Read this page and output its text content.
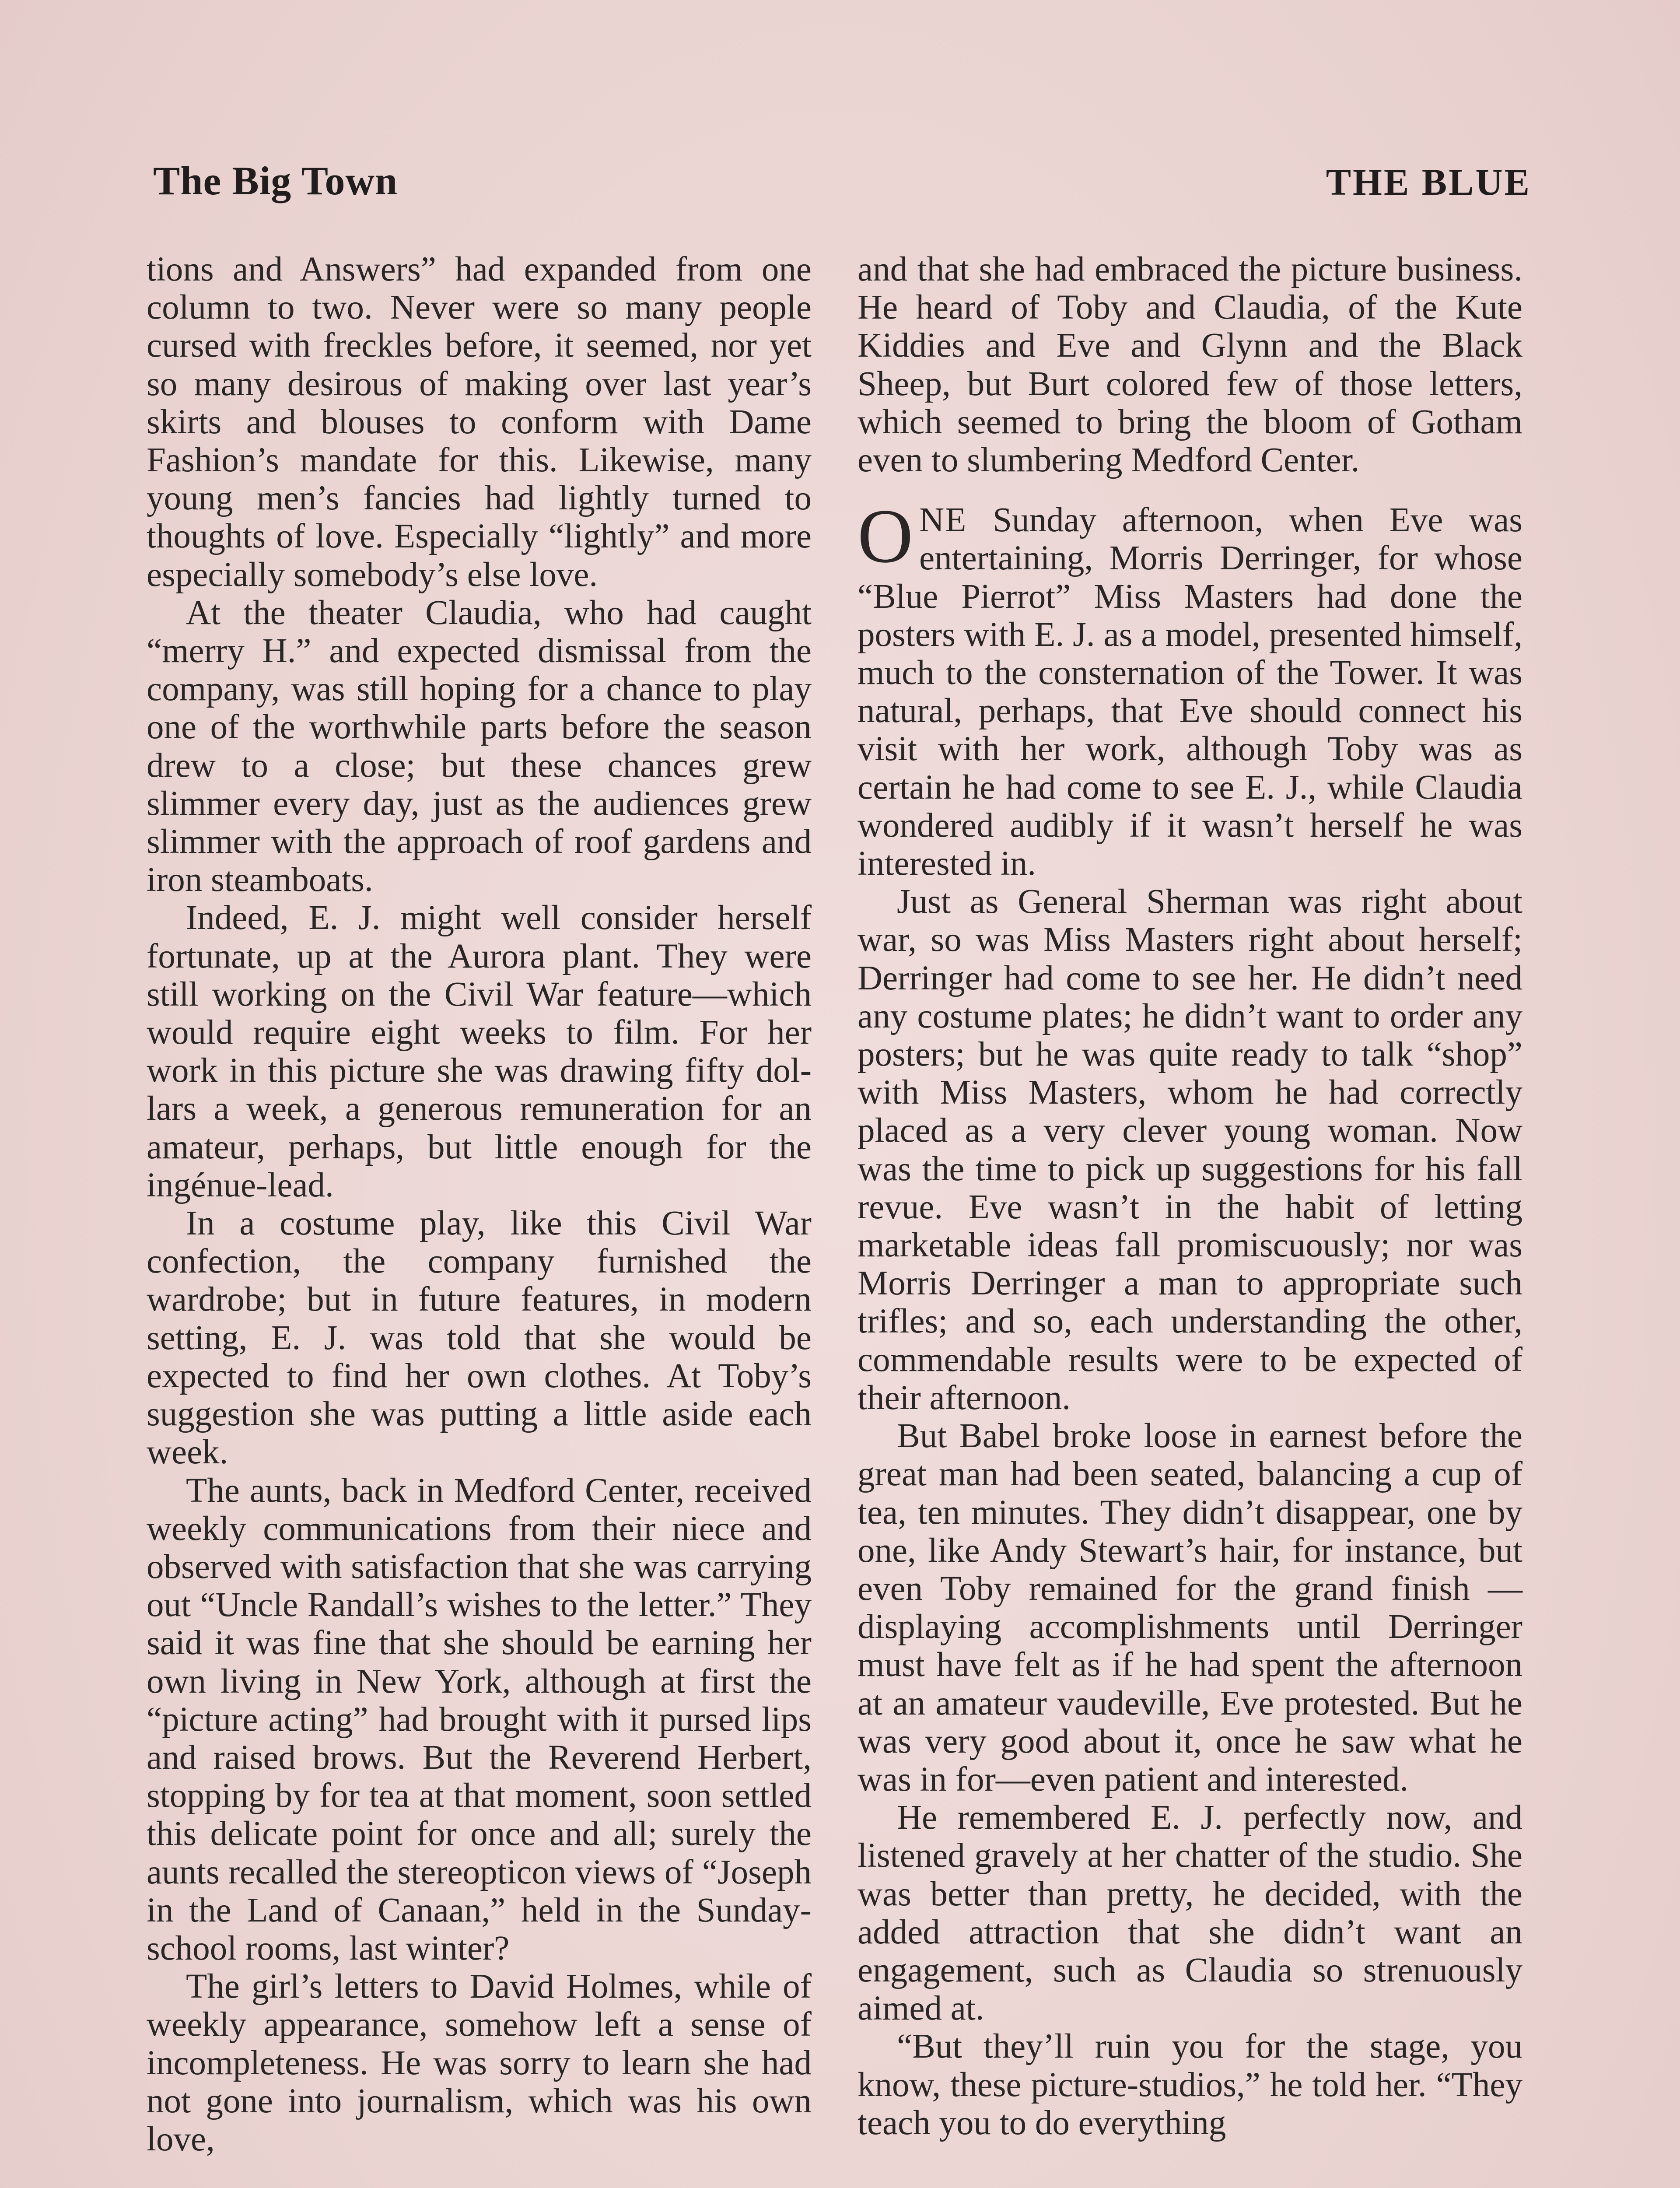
The Big Town	THE BLUE

tions and Answers” had expanded from one column to two. Never were so many people cursed with freckles before, it seemed, nor yet so many desirous of making over last year’s skirts and blouses to conform with Dame Fashion’s mandate for this. Likewise, many young men’s fancies had lightly turned to thoughts of love. Especially “lightly” and more especially somebody’s else love.

At the theater Claudia, who had caught “merry H.” and expected dismissal from the company, was still hoping for a chance to play one of the worthwhile parts before the season drew to a close; but these chances grew slimmer every day, just as the audiences grew slimmer with the approach of roof gardens and iron steamboats.

Indeed, E. J. might well consider herself fortunate, up at the Aurora plant. They were still working on the Civil War feature—which would require eight weeks to film. For her work in this picture she was drawing fifty dollars a week, a generous remuneration for an amateur, perhaps, but little enough for the ingénue-lead.

In a costume play, like this Civil War confection, the company furnished the wardrobe; but in future features, in modern setting, E. J. was told that she would be expected to find her own clothes. At Toby’s suggestion she was putting a little aside each week.

The aunts, back in Medford Center, received weekly communications from their niece and observed with satisfaction that she was carrying out “Uncle Randall’s wishes to the letter.” They said it was fine that she should be earning her own living in New York, although at first the “picture acting” had brought with it pursed lips and raised brows. But the Reverend Herbert, stopping by for tea at that moment, soon settled this delicate point for once and all; surely the aunts recalled the stereopticon views of “Joseph in the Land of Canaan,” held in the Sunday-school rooms, last winter?

The girl’s letters to David Holmes, while of weekly appearance, somehow left a sense of incompleteness. He was sorry to learn she had not gone into journalism, which was his own love,

and that she had embraced the picture business. He heard of Toby and Claudia, of the Kute Kiddies and Eve and Glynn and the Black Sheep, but Burt colored few of those letters, which seemed to bring the bloom of Gotham even to slumbering Medford Center.

ONE Sunday afternoon, when Eve was entertaining, Morris Derringer, for whose “Blue Pierrot” Miss Masters had done the posters with E. J. as a model, presented himself, much to the consternation of the Tower. It was natural, perhaps, that Eve should connect his visit with her work, although Toby was as certain he had come to see E. J., while Claudia wondered audibly if it wasn’t herself he was interested in.

Just as General Sherman was right about war, so was Miss Masters right about herself; Derringer had come to see her. He didn’t need any costume plates; he didn’t want to order any posters; but he was quite ready to talk “shop” with Miss Masters, whom he had correctly placed as a very clever young woman. Now was the time to pick up suggestions for his fall revue. Eve wasn’t in the habit of letting marketable ideas fall promiscuously; nor was Morris Derringer a man to appropriate such trifles; and so, each understanding the other, commendable results were to be expected of their afternoon.

But Babel broke loose in earnest before the great man had been seated, balancing a cup of tea, ten minutes. They didn’t disappear, one by one, like Andy Stewart’s hair, for instance, but even Toby remained for the grand finish —displaying accomplishments until Derringer must have felt as if he had spent the afternoon at an amateur vaudeville, Eve protested. But he was very good about it, once he saw what he was in for—even patient and interested.

He remembered E. J. perfectly now, and listened gravely at her chatter of the studio. She was better than pretty, he decided, with the added attraction that she didn’t want an engagement, such as Claudia so strenuously aimed at.

“But they’ll ruin you for the stage, you know, these picture-studios,” he told her. “They teach you to do everything
